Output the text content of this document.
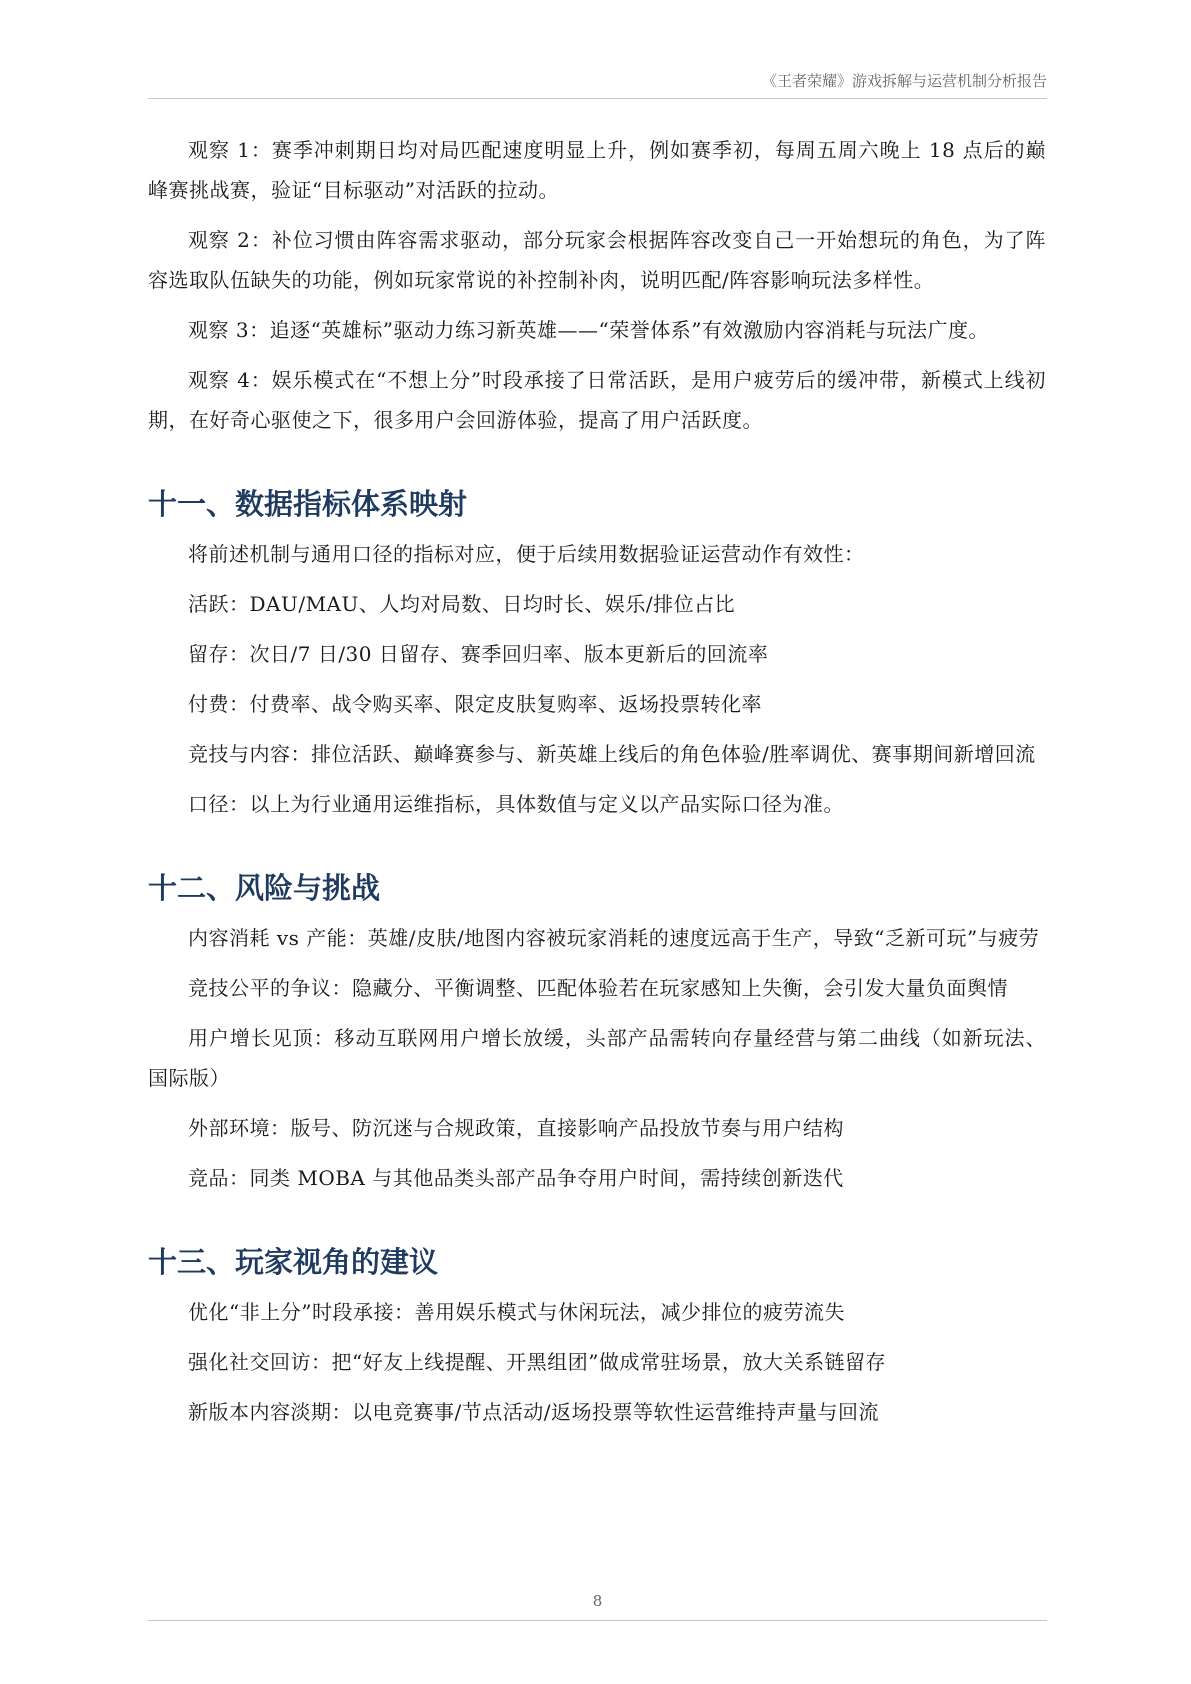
《王者荣耀》游戏拆解与运营机制分析报告

观察 1：赛季冲刺期日均对局匹配速度明显上升，例如赛季初，每周五周六晚上 18 点后的巅峰赛挑战赛，验证“目标驱动”对活跃的拉动。

观察 2：补位习惯由阵容需求驱动，部分玩家会根据阵容改变自己一开始想玩的角色，为了阵容选取队伍缺失的功能，例如玩家常说的补控制补肉，说明匹配/阵容影响玩法多样性。

观察 3：追逐“英雄标”驱动力练习新英雄——“荣誉体系”有效激励内容消耗与玩法广度。

观察 4：娱乐模式在“不想上分”时段承接了日常活跃，是用户疲劳后的缓冲带，新模式上线初期，在好奇心驱使之下，很多用户会回游体验，提高了用户活跃度。

十一、数据指标体系映射

将前述机制与通用口径的指标对应，便于后续用数据验证运营动作有效性：

活跃：DAU/MAU、人均对局数、日均时长、娱乐/排位占比

留存：次日/7 日/30 日留存、赛季回归率、版本更新后的回流率

付费：付费率、战令购买率、限定皮肤复购率、返场投票转化率

竞技与内容：排位活跃、巅峰赛参与、新英雄上线后的角色体验/胜率调优、赛事期间新增回流

口径：以上为行业通用运维指标，具体数值与定义以产品实际口径为准。

十二、风险与挑战

内容消耗 vs 产能：英雄/皮肤/地图内容被玩家消耗的速度远高于生产，导致“乏新可玩”与疲劳

竞技公平的争议：隐藏分、平衡调整、匹配体验若在玩家感知上失衡，会引发大量负面舆情

用户增长见顶：移动互联网用户增长放缓，头部产品需转向存量经营与第二曲线（如新玩法、国际版）

外部环境：版号、防沉迷与合规政策，直接影响产品投放节奏与用户结构

竞品：同类 MOBA 与其他品类头部产品争夺用户时间，需持续创新迭代

十三、玩家视角的建议

优化“非上分”时段承接：善用娱乐模式与休闲玩法，减少排位的疲劳流失

强化社交回访：把“好友上线提醒、开黑组团”做成常驻场景，放大关系链留存

新版本内容淡期：以电竞赛事/节点活动/返场投票等软性运营维持声量与回流

8
